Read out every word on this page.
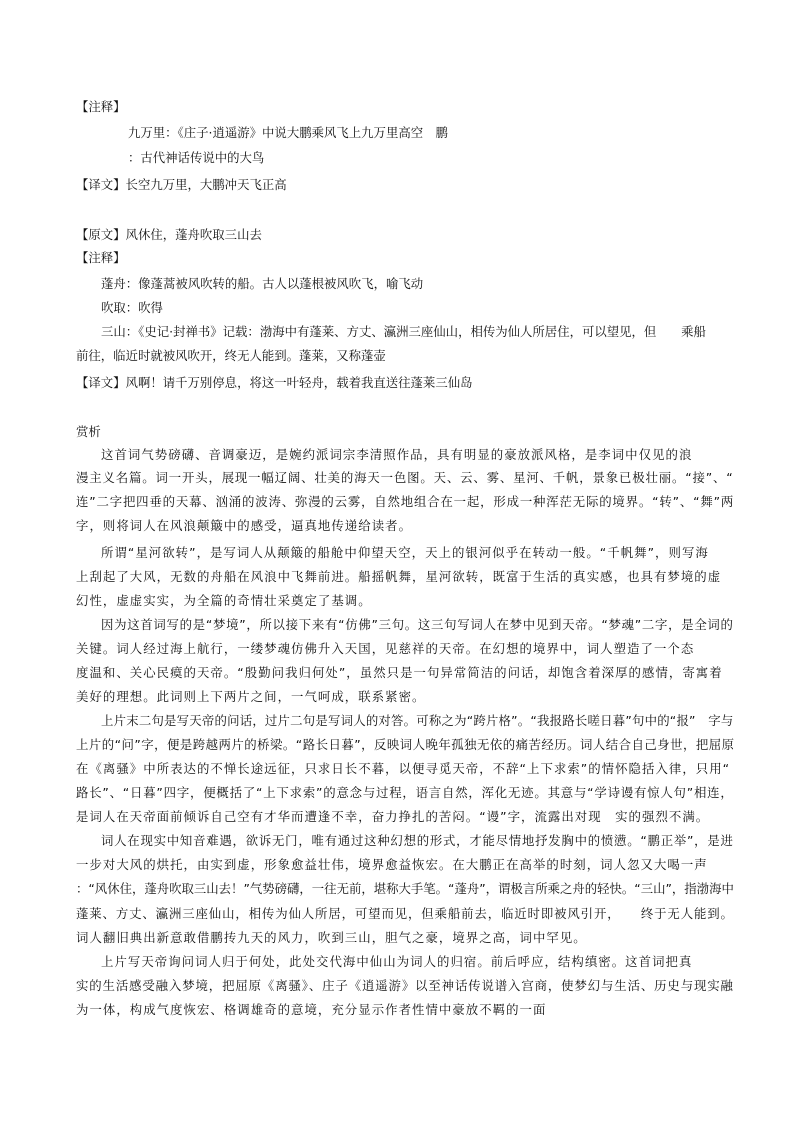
【注释】
九万里：《庄子·逍遥游》中说大鹏乘风飞上九万里高空　鹏
：古代神话传说中的大鸟
【译文】长空九万里，大鹏冲天飞正高
【原文】风休住，蓬舟吹取三山去
【注释】
蓬舟：像蓬蒿被风吹转的船。古人以蓬根被风吹飞，喻飞动
吹取：吹得
三山：《史记·封禅书》记载：渤海中有蓬莱、方丈、瀛洲三座仙山，相传为仙人所居住，可以望见，但　　乘船
前往，临近时就被风吹开，终无人能到。蓬莱，又称蓬壶
【译文】风啊！请千万别停息，将这一叶轻舟，载着我直送往蓬莱三仙岛
赏析
这首词气势磅礴、音调豪迈，是婉约派词宗李清照作品，具有明显的豪放派风格，是李词中仅见的浪
漫主义名篇。词一开头，展现一幅辽阔、壮美的海天一色图。天、云、雾、星河、千帆，景象已极壮丽。“接”、“
连”二字把四垂的天幕、汹涌的波涛、弥漫的云雾，自然地组合在一起，形成一种浑茫无际的境界。“转”、“舞”两
字，则将词人在风浪颠簸中的感受，逼真地传递给读者。
所谓“星河欲转”，是写词人从颠簸的船舱中仰望天空，天上的银河似乎在转动一般。“千帆舞”，则写海
上刮起了大风，无数的舟船在风浪中飞舞前进。船摇帆舞，星河欲转，既富于生活的真实感，也具有梦境的虚
幻性，虚虚实实，为全篇的奇情壮采奠定了基调。
因为这首词写的是“梦境”，所以接下来有“仿佛”三句。这三句写词人在梦中见到天帝。“梦魂”二字，是全词的
关键。词人经过海上航行，一缕梦魂仿佛升入天国，见慈祥的天帝。在幻想的境界中，词人塑造了一个态
度温和、关心民瘼的天帝。“殷勤问我归何处”，虽然只是一句异常简洁的问话，却饱含着深厚的感情，寄寓着
美好的理想。此词则上下两片之间，一气呵成，联系紧密。
上片末二句是写天帝的问话，过片二句是写词人的对答。可称之为“跨片格”。“我报路长嗟日暮”句中的“报”　字与
上片的“问”字，便是跨越两片的桥梁。“路长日暮”，反映词人晚年孤独无依的痛苦经历。词人结合自己身世，把屈原
在《离骚》中所表达的不惮长途远征，只求日长不暮，以便寻觅天帝，不辞“上下求索”的情怀隐括入律，只用“
路长”、“日暮”四字，便概括了“上下求索”的意念与过程，语言自然，浑化无迹。其意与“学诗谩有惊人句”相连，
是词人在天帝面前倾诉自己空有才华而遭逢不幸，奋力挣扎的苦闷。“谩”字，流露出对现　实的强烈不满。
词人在现实中知音难遇，欲诉无门，唯有通过这种幻想的形式，才能尽情地抒发胸中的愤懑。“鹏正举”，是进
一步对大风的烘托，由实到虚，形象愈益壮伟，境界愈益恢宏。在大鹏正在高举的时刻，词人忽又大喝一声
：“风休住，蓬舟吹取三山去！”气势磅礴，一往无前，堪称大手笔。“蓬舟”，谓极言所乘之舟的轻快。“三山”，指渤海中
蓬莱、方丈、瀛洲三座仙山，相传为仙人所居，可望而见，但乘船前去，临近时即被风引开，　　终于无人能到。
词人翻旧典出新意敢借鹏抟九天的风力，吹到三山，胆气之豪，境界之高，词中罕见。
上片写天帝询问词人归于何处，此处交代海中仙山为词人的归宿。前后呼应，结构缜密。这首词把真
实的生活感受融入梦境，把屈原《离骚》、庄子《逍遥游》以至神话传说谱入宫商，使梦幻与生活、历史与现实融
为一体，构成气度恢宏、格调雄奇的意境，充分显示作者性情中豪放不羁的一面
